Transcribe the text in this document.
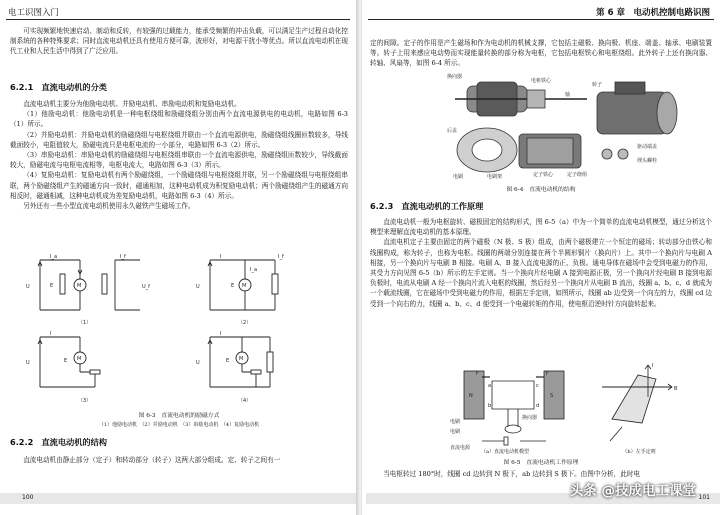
电工识图入门

可实现频繁地快速启动、制动和反转，有较强的过载能力，能承受频繁的冲击负载，可以满足生产过程自动化控制系统的各种特殊要求；同时直流电动机还具有使用方便可靠，波形好，对电源干扰小等优点。所以直流电动机在现代工业和人民生活中得到了广泛应用。

6.2.1　直流电动机的分类

直流电动机主要分为他励电动机、并励电动机、串励电动机和复励电动机。

（1）他励电动机：他励电动机是一种电枢绕组和励磁绕组分别由两个直流电源供电的电动机，电路如图 6-3（1）所示。

（2）并励电动机：并励电动机的励磁绕组与电枢绕组并联由一个直流电源供电，励磁绕组线圈匝数较多，导线截面较小，电阻值较大，励磁电流只是电枢电流的一小部分，电路如图 6-3（2）所示。

（3）串励电动机：串励电动机的励磁绕组与电枢绕组串联由一个直流电源供电，励磁绕组匝数较少，导线截面较大，励磁电流与电枢电流相等，电枢电流大，电路如图 6-3（3）所示。

（4）复励电动机：复励电动机有两个励磁绕组，一个励磁绕组与电枢绕组并联，另一个励磁绕组与电枢绕组串联，两个励磁绕组产生的磁通方向一致时，磁通相加，这种电动机成为积复励电动机；两个励磁绕组产生的磁通方向相反时，磁通相减，这种电动机成为差复励电动机，电路如图 6-3（4）所示。

另外还有一些小型直流电动机使用永久磁铁产生磁场工作。

M
U	E	U_f
I_a	I_f
（1）
M
U	E
I
I_a
I_f
（2）
M
U	E
I
（3）
M
U	E
I
（4）
图 6-3　直流电动机的励磁方式
（1）他励电动机　（2）并励电动机　（3）串励电动机　（4）复励电动机
6.2.2　直流电动机的结构

直流电动机由静止部分（定子）和转动部分（转子）这两大部分组成。定、转子之间有一

100
第 6 章　电动机控制电路识图

定的间隙。定子的作用是产生磁场和作为电动机的机械支撑，它包括主磁极、换向极、机座、端盖、轴承、电刷装置等。转子上用来感应电动势而实现能量转换的部分称为电枢，它包括电枢铁心和电枢绕组。此外转子上还有换向器、转轴、风扇等，如图 6-4 所示。

换向器
电枢铁心
转子
轴
后盖
电刷	电刷架	定子铁心	定子绕组
驱动端盖
埋头螺栓
图 6-4　直流电动机的结构
6.2.3　直流电动机的工作原理

直流电动机一般为电枢旋转、磁极固定的结构形式，图 6-5（a）中为一个简单的直流电动机模型，通过分析这个模型来理解直流电动机的基本原理。

直流电机定子主要由固定的两个磁极（N 极、S 极）组成，由两个磁极建立一个恒定的磁场；转动部分由铁心和线圈构成，称为转子，也称为电枢。线圈的两端分别连接在两个半圆形铜片（换向片）上。其中一个换向片与电刷 A 相接，另一个换向片与电刷 B 相接。电刷 A、B 接入直流电源的正、负极。通电导体在磁场中会受到电磁力的作用，其受力方向见图 6-5（b）所示的左手定则。当一个换向片经电刷 A 接到电源正极，另一个换向片经电刷 B 接到电源负极时，电流从电刷 A 经一个换向片流入电枢的线圈，然后经另一个换向片从电刷 B 流出，线圈 a、b、c、d 就成为一个载流线圈，它在磁场中受到电磁力的作用，根据左手定则，如图所示，线圈 ab 边受到一个向左的力，线圈 cd 边受到一个向右的力，线圈 a、b、c、d 便受到一个电磁转矩的作用，使电枢沿逆时针方向旋转起来。

N	S
a
b
c
d
F	F
换向器
电刷
电刷
直流电源
B
I
（a）直流电动机模型	（b）左手定则
图 6-5　直流电动机工作原理

当电枢转过 180°时，线圈 cd 边转到 N 极下，ab 边转到 S 极下。由图中分析，此时电

101
头条 @技成电工课堂
